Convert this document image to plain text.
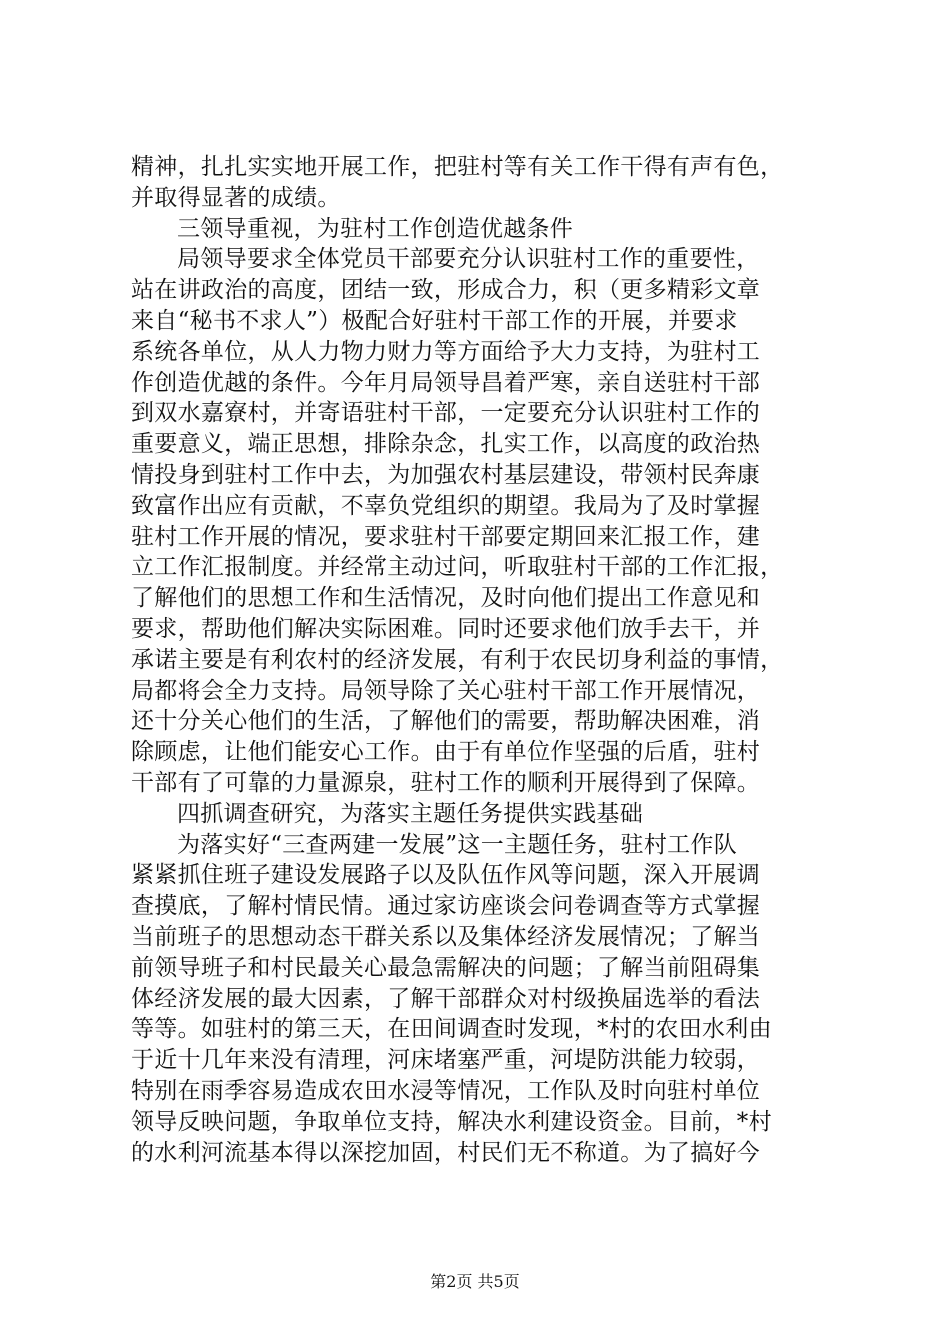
精神，扎扎实实地开展工作，把驻村等有关工作干得有声有色，
并取得显著的成绩。
三领导重视，为驻村工作创造优越条件
局领导要求全体党员干部要充分认识驻村工作的重要性，
站在讲政治的高度，团结一致，形成合力，积（更多精彩文章
来自“秘书不求人”）极配合好驻村干部工作的开展，并要求
系统各单位，从人力物力财力等方面给予大力支持，为驻村工
作创造优越的条件。今年月局领导昌着严寒，亲自送驻村干部
到双水嘉寮村，并寄语驻村干部，一定要充分认识驻村工作的
重要意义，端正思想，排除杂念，扎实工作，以高度的政治热
情投身到驻村工作中去，为加强农村基层建设，带领村民奔康
致富作出应有贡献，不辜负党组织的期望。我局为了及时掌握
驻村工作开展的情况，要求驻村干部要定期回来汇报工作，建
立工作汇报制度。并经常主动过问，听取驻村干部的工作汇报，
了解他们的思想工作和生活情况，及时向他们提出工作意见和
要求，帮助他们解决实际困难。同时还要求他们放手去干，并
承诺主要是有利农村的经济发展，有利于农民切身利益的事情，
局都将会全力支持。局领导除了关心驻村干部工作开展情况，
还十分关心他们的生活，了解他们的需要，帮助解决困难，消
除顾虑，让他们能安心工作。由于有单位作坚强的后盾，驻村
干部有了可靠的力量源泉，驻村工作的顺利开展得到了保障。
四抓调查研究，为落实主题任务提供实践基础
为落实好“三查两建一发展”这一主题任务，驻村工作队
紧紧抓住班子建设发展路子以及队伍作风等问题，深入开展调
查摸底，了解村情民情。通过家访座谈会问卷调查等方式掌握
当前班子的思想动态干群关系以及集体经济发展情况；了解当
前领导班子和村民最关心最急需解决的问题；了解当前阻碍集
体经济发展的最大因素，了解干部群众对村级换届选举的看法
等等。如驻村的第三天，在田间调查时发现，*村的农田水利由
于近十几年来没有清理，河床堵塞严重，河堤防洪能力较弱，
特别在雨季容易造成农田水浸等情况，工作队及时向驻村单位
领导反映问题，争取单位支持，解决水利建设资金。目前，*村
的水利河流基本得以深挖加固，村民们无不称道。为了搞好今
第2页 共5页
